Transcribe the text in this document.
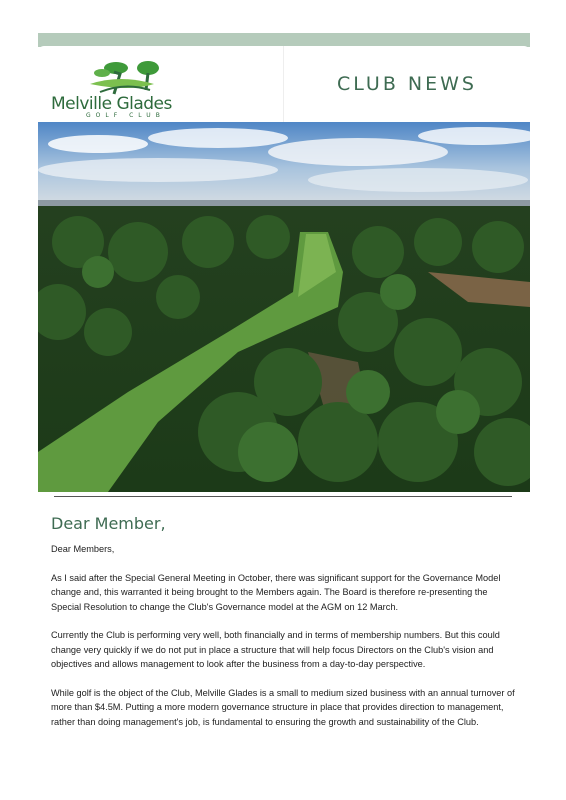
Melville Glades
GOLF CLUB
CLUB NEWS
Dear Member,

Dear Members,

As I said after the Special General Meeting in October, there was significant support for the Governance Model change and, this warranted it being brought to the Members again. The Board is therefore re-presenting the Special Resolution to change the Club's Governance model at the AGM on 12 March.

Currently the Club is performing very well, both financially and in terms of membership numbers. But this could change very quickly if we do not put in place a structure that will help focus Directors on the Club's vision and objectives and allows management to look after the business from a day-to-day perspective.

While golf is the object of the Club, Melville Glades is a small to medium sized business with an annual turnover of more than $4.5M. Putting a more modern governance structure in place that provides direction to management, rather than doing management's job, is fundamental to ensuring the growth and sustainability of the Club.
